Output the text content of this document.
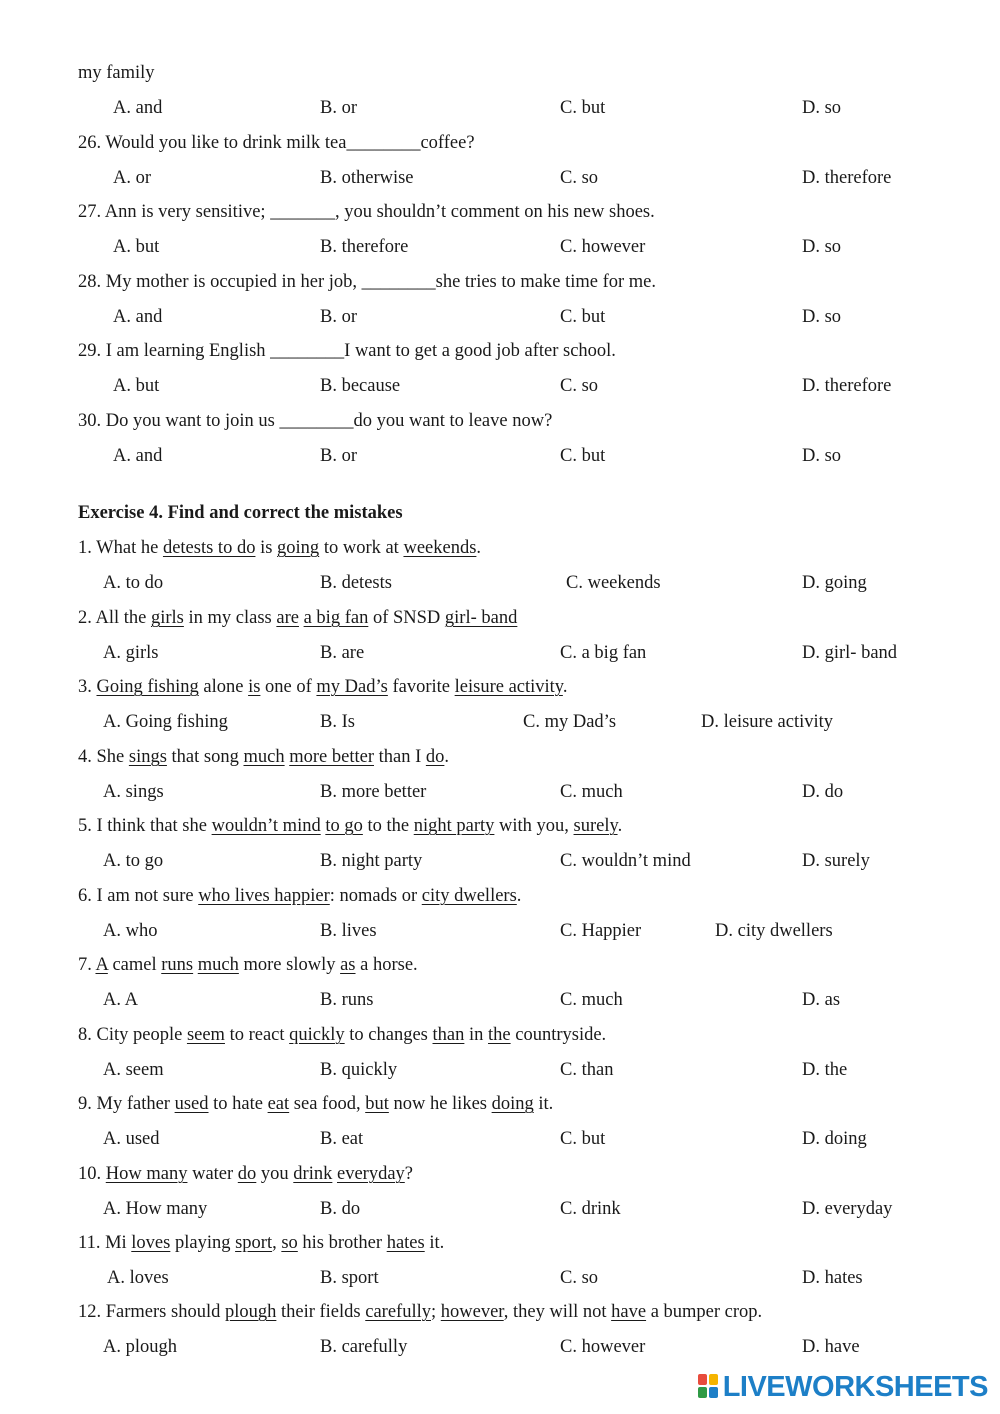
my family
A. and	B. or	C. but	D. so
26. Would you like to drink milk tea________coffee?
A. or	B. otherwise	C. so	D. therefore
27. Ann is very sensitive; _______, you shouldn’t comment on his new shoes.
A. but	B. therefore	C. however	D. so
28. My mother is occupied in her job, ________she tries to make time for me.
A. and	B. or	C. but	D. so
29. I am learning English ________I want to get a good job after school.
A. but	B. because	C. so	D. therefore
30. Do you want to join us ________do you want to leave now?
A. and	B. or	C. but	D. so
Exercise 4. Find and correct the mistakes
1. What he detests to do is going to work at weekends.
A. to do	B. detests	C. weekends	D. going
2. All the girls in my class are a big fan of SNSD girl- band
A. girls	B. are	C. a big fan	D. girl- band
3. Going fishing alone is one of my Dad’s favorite leisure activity.
A. Going fishing	B. Is	C. my Dad’s	D. leisure activity
4. She sings that song much more better than I do.
A. sings	B. more better	C. much	D. do
5. I think that she wouldn’t mind to go to the night party with you, surely.
A. to go	B. night party	C. wouldn’t mind	D. surely
6. I am not sure who lives happier: nomads or city dwellers.
A. who	B. lives	C. Happier	D. city dwellers
7. A camel runs much more slowly as a horse.
A. A	B. runs	C. much	D. as
8. City people seem to react quickly to changes than in the countryside.
A. seem	B. quickly	C. than	D. the
9. My father used to hate eat sea food, but now he likes doing it.
A. used	B. eat	C. but	D. doing
10. How many water do you drink everyday?
A. How many	B. do	C. drink	D. everyday
11. Mi loves playing sport, so his brother hates it.
A. loves	B. sport	C. so	D. hates
12. Farmers should plough their fields carefully; however, they will not have a bumper crop.
A. plough	B. carefully	C. however	D. have
LIVEWORKSHEETS
